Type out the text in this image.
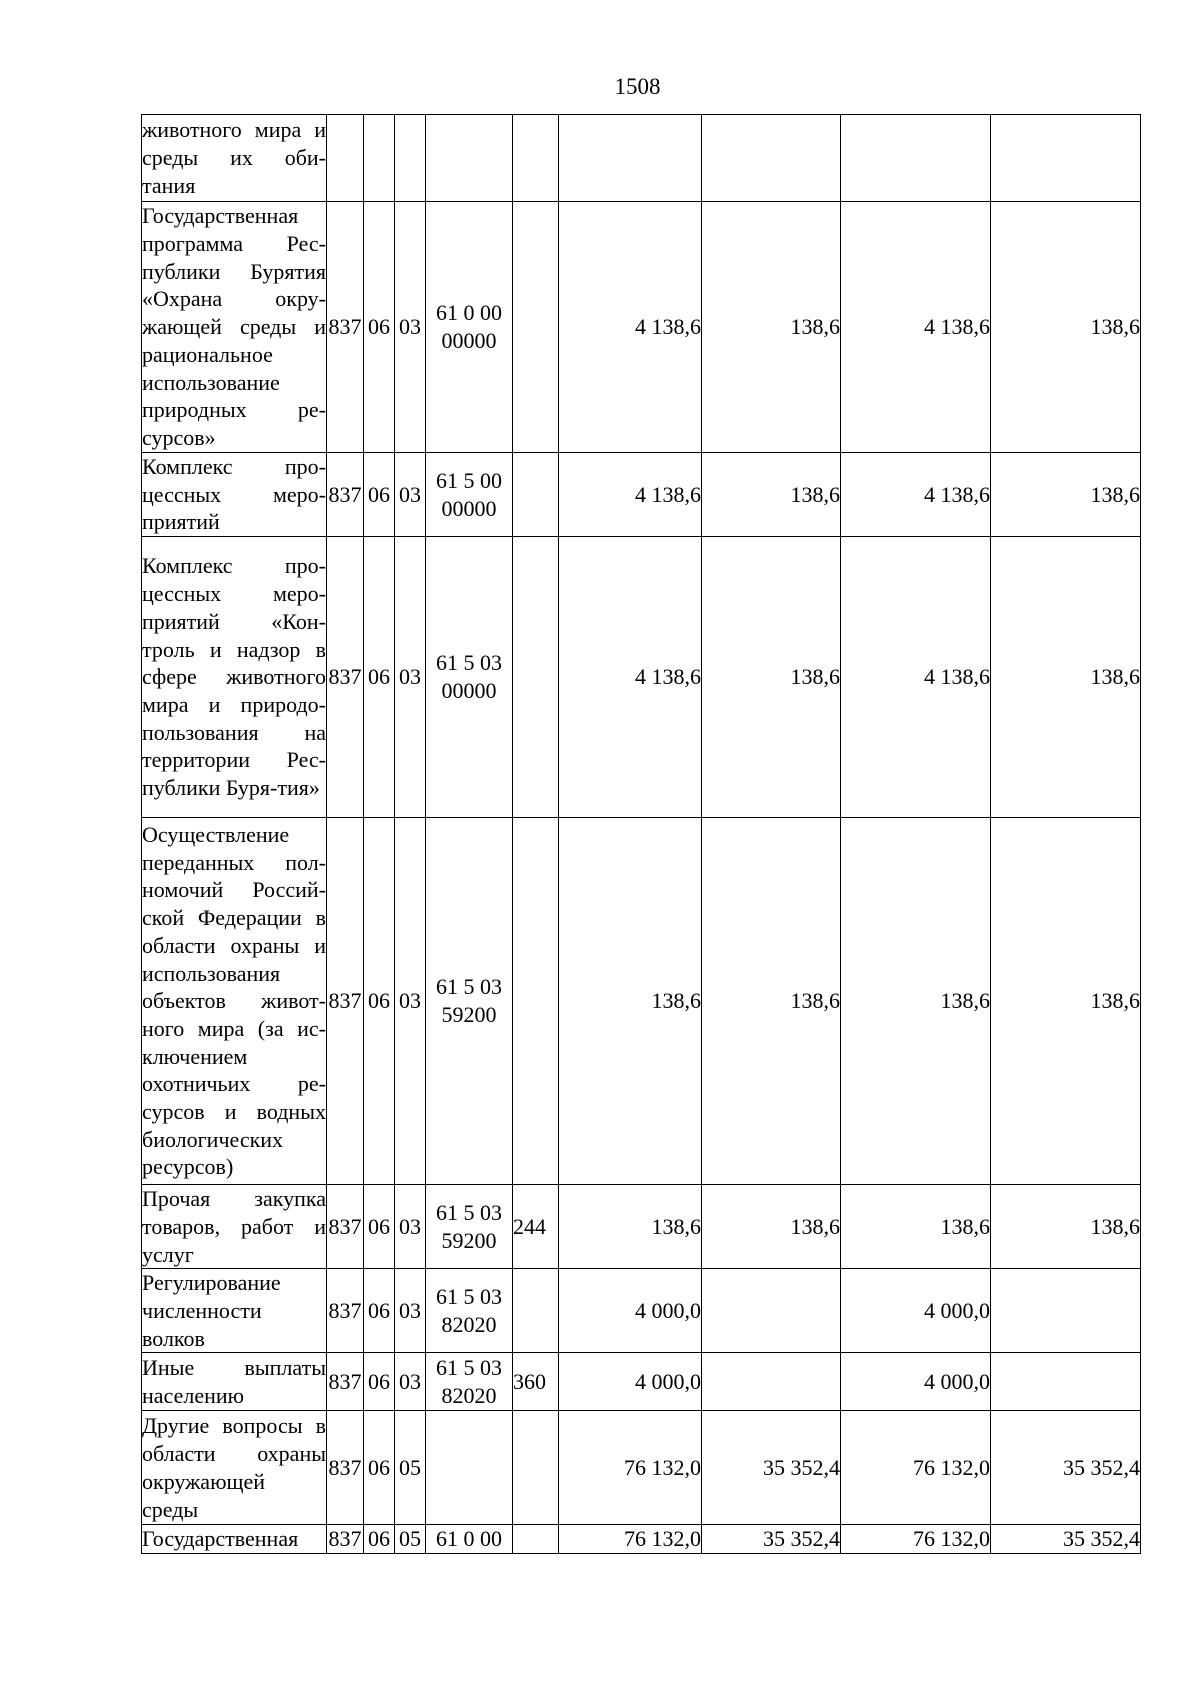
1508
животного мира и среды их оби-тания									
Государственная программа Рес-публики Бурятия «Охрана окру-жающей среды и рациональное использование природных ре-сурсов»	837	06	03	61 0 00 00000		4 138,6	138,6	4 138,6	138,6
Комплекс про-цессных меро-приятий	837	06	03	61 5 00 00000		4 138,6	138,6	4 138,6	138,6
Комплекс про-цессных меро-приятий «Кон-троль и надзор в сфере животного мира и природо-пользования на территории Рес-публики Буря-тия»	837	06	03	61 5 03 00000		4 138,6	138,6	4 138,6	138,6
Осуществление переданных пол-номочий Россий-ской Федерации в области охраны и использования объектов живот-ного мира (за ис-ключением охотничьих ре-сурсов и водных биологических ресурсов)	837	06	03	61 5 03 59200		138,6	138,6	138,6	138,6
Прочая закупка товаров, работ и услуг	837	06	03	61 5 03 59200	244	138,6	138,6	138,6	138,6
Регулирование численности волков	837	06	03	61 5 03 82020		4 000,0		4 000,0	
Иные выплаты населению	837	06	03	61 5 03 82020	360	4 000,0		4 000,0	
Другие вопросы в области охраны окружающей среды	837	06	05			76 132,0	35 352,4	76 132,0	35 352,4
Государственная	837	06	05	61 0 00		76 132,0	35 352,4	76 132,0	35 352,4
